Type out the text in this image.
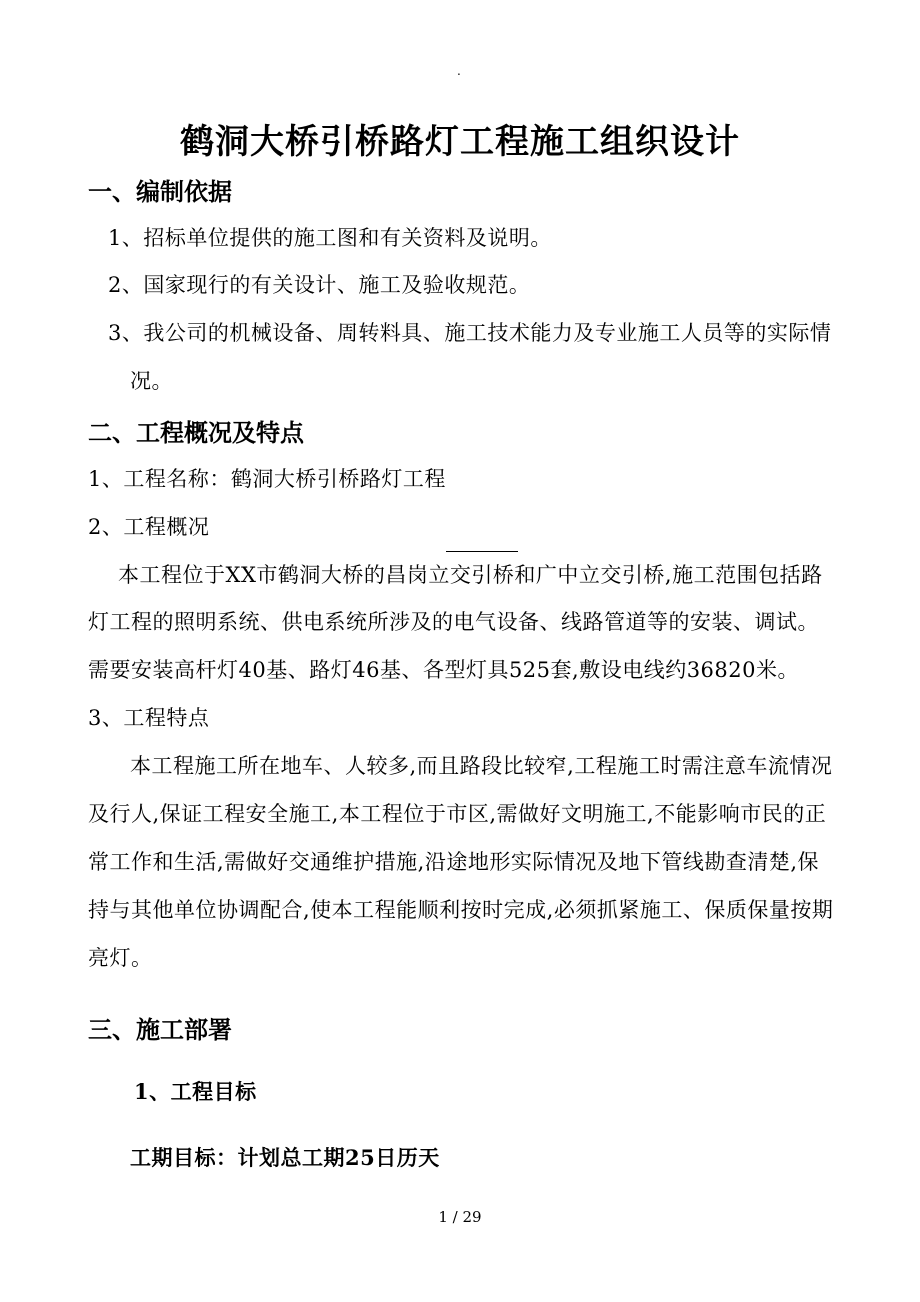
.
鹤洞大桥引桥路灯工程施工组织设计
一、编制依据
1、招标单位提供的施工图和有关资料及说明。
2、国家现行的有关设计、施工及验收规范。
3、我公司的机械设备、周转料具、施工技术能力及专业施工人员等的实际情
况。
二、工程概况及特点
1、工程名称：鹤洞大桥引桥路灯工程
2、工程概况
本工程位于XX市鹤洞大桥的昌岗立交引桥和广中立交引桥,施工范围包括路
灯工程的照明系统、供电系统所涉及的电气设备、线路管道等的安装、调试。
需要安装高杆灯40基、路灯46基、各型灯具525套,敷设电线约36820米。
3、工程特点
本工程施工所在地车、人较多,而且路段比较窄,工程施工时需注意车流情况
及行人,保证工程安全施工,本工程位于市区,需做好文明施工,不能影响市民的正
常工作和生活,需做好交通维护措施,沿途地形实际情况及地下管线勘查清楚,保
持与其他单位协调配合,使本工程能顺利按时完成,必须抓紧施工、保质保量按期
亮灯。
三、施工部署
1、工程目标
工期目标：计划总工期25日历天
1 / 29
